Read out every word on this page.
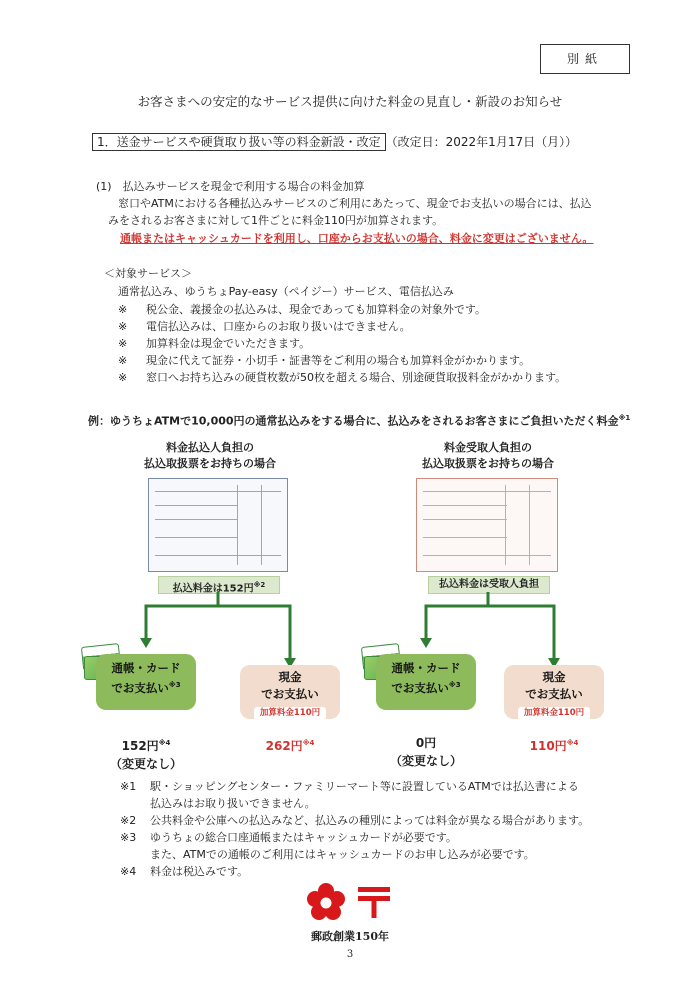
別紙
お客さまへの安定的なサービス提供に向けた料金の見直し・新設のお知らせ
1．送金サービスや硬貨取り扱い等の料金新設・改定 （改定日：2022年1月17日（月））
(1)　払込みサービスを現金で利用する場合の料金加算
窓口やATMにおける各種払込みサービスのご利用にあたって、現金でお支払いの場合には、払込
みをされるお客さまに対して1件ごとに料金110円が加算されます。
通帳またはキャッシュカードを利用し、口座からお支払いの場合、料金に変更はございません。
＜対象サービス＞
通常払込み、ゆうちょPay-easy（ペイジー）サービス、電信払込み
※ 税公金、義援金の払込みは、現金であっても加算料金の対象外です。
※ 電信払込みは、口座からのお取り扱いはできません。
※ 加算料金は現金でいただきます。
※ 現金に代えて証券・小切手・証書等をご利用の場合も加算料金がかかります。
※ 窓口へお持ち込みの硬貨枚数が50枚を超える場合、別途硬貨取扱料金がかかります。
例：ゆうちょATMで10,000円の通常払込みをする場合に、払込みをされるお客さまにご負担いただく料金$^{※1}$
料金払込人負担の
払込取扱票をお持ちの場合
払込料金は152円$^{※2}$
料金受取人負担の
払込取扱票をお持ちの場合
払込料金は受取人負担
通帳・カード
でお支払い$^{※3}$
現金
でお支払い
加算料金110円
通帳・カード
でお支払い$^{※3}$
現金
でお支払い
加算料金110円
152円$^{※4}$
（変更なし）
262円$^{※4}$	0円
（変更なし）
110円$^{※4}$
※1 駅・ショッピングセンター・ファミリーマート等に設置しているATMでは払込書による
払込みはお取り扱いできません。
※2 公共料金や公庫への払込みなど、払込みの種別によっては料金が異なる場合があります。
※3 ゆうちょの総合口座通帳またはキャッシュカードが必要です。
また、ATMでの通帳のご利用にはキャッシュカードのお申し込みが必要です。
※4 料金は税込みです。
郵政創業150年
3
